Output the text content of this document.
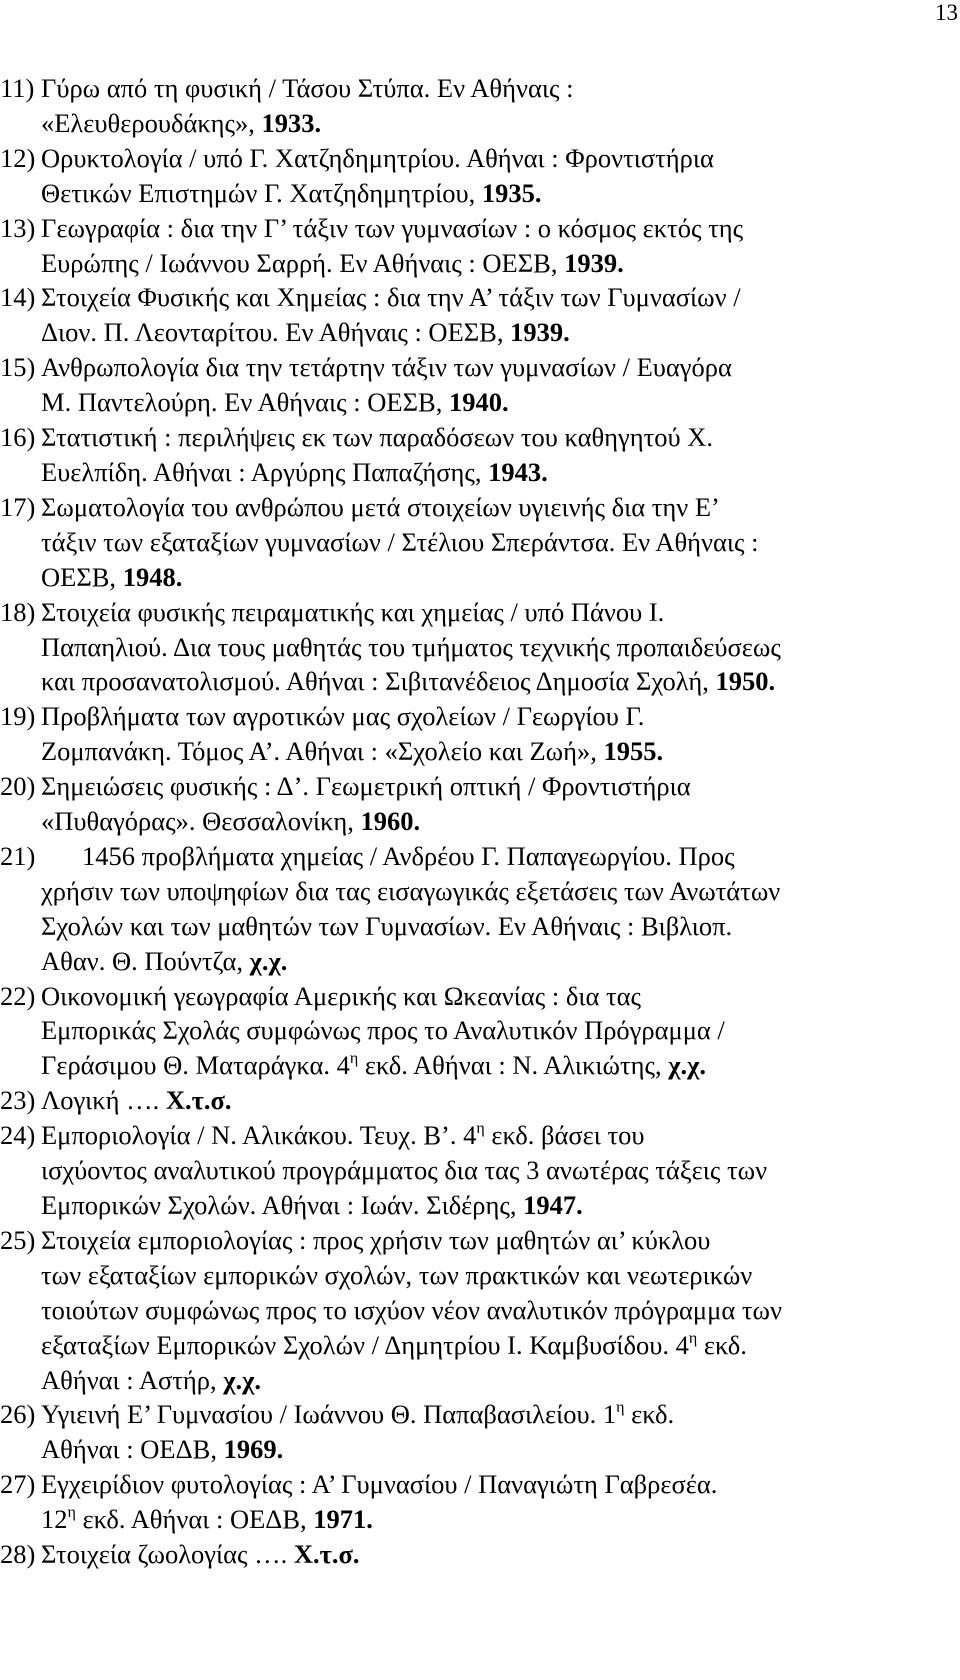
13
11) Γύρω από τη φυσική / Τάσου Στύπα. Εν Αθήναις :
«Ελευθερουδάκης», 1933.
12) Ορυκτολογία / υπό Γ. Χατζηδημητρίου. Αθήναι : Φροντιστήρια
Θετικών Επιστημών Γ. Χατζηδημητρίου, 1935.
13) Γεωγραφία : δια την Γ’ τάξιν των γυμνασίων : ο κόσμος εκτός της
Ευρώπης / Ιωάννου Σαρρή. Εν Αθήναις : ΟΕΣΒ, 1939.
14) Στοιχεία Φυσικής και Χημείας : δια την Α’ τάξιν των Γυμνασίων /
Διον. Π. Λεονταρίτου. Εν Αθήναις : ΟΕΣΒ, 1939.
15) Ανθρωπολογία δια την τετάρτην τάξιν των γυμνασίων / Ευαγόρα
Μ. Παντελούρη. Εν Αθήναις : ΟΕΣΒ, 1940.
16) Στατιστική : περιλήψεις εκ των παραδόσεων του καθηγητού Χ.
Ευελπίδη. Αθήναι : Αργύρης Παπαζήσης, 1943.
17) Σωματολογία του ανθρώπου μετά στοιχείων υγιεινής δια την Ε’
τάξιν των εξαταξίων γυμνασίων / Στέλιου Σπεράντσα. Εν Αθήναις :
ΟΕΣΒ, 1948.
18) Στοιχεία φυσικής πειραματικής και χημείας / υπό Πάνου Ι.
Παπαηλιού. Δια τους μαθητάς του τμήματος τεχνικής προπαιδεύσεως
και προσανατολισμού. Αθήναι : Σιβιτανέδειος Δημοσία Σχολή, 1950.
19) Προβλήματα των αγροτικών μας σχολείων / Γεωργίου Γ.
Ζομπανάκη. Τόμος Α’. Αθήναι : «Σχολείο και Ζωή», 1955.
20) Σημειώσεις φυσικής : Δ’. Γεωμετρική οπτική / Φροντιστήρια
«Πυθαγόρας». Θεσσαλονίκη, 1960.
21)	1456 προβλήματα χημείας / Ανδρέου Γ. Παπαγεωργίου. Προς
χρήσιν των υποψηφίων δια τας εισαγωγικάς εξετάσεις των Ανωτάτων
Σχολών και των μαθητών των Γυμνασίων. Εν Αθήναις : Βιβλιοπ.
Αθαν. Θ. Πούντζα, χ.χ.
22) Οικονομική γεωγραφία Αμερικής και Ωκεανίας : δια τας
Εμπορικάς Σχολάς συμφώνως προς το Αναλυτικόν Πρόγραμμα /
Γεράσιμου Θ. Ματαράγκα. $4^\eta$ εκδ. Αθήναι : Ν. Αλικιώτης, χ.χ.
23) Λογική …. Χ.τ.σ.
24) Εμποριολογία / Ν. Αλικάκου. Τευχ. Β’. $4^\eta$ εκδ. βάσει του
ισχύοντος αναλυτικού προγράμματος δια τας 3 ανωτέρας τάξεις των
Εμπορικών Σχολών. Αθήναι : Ιωάν. Σιδέρης, 1947.
25) Στοιχεία εμποριολογίας : προς χρήσιν των μαθητών αι’ κύκλου
των εξαταξίων εμπορικών σχολών, των πρακτικών και νεωτερικών
τοιούτων συμφώνως προς το ισχύον νέον αναλυτικόν πρόγραμμα των
εξαταξίων Εμπορικών Σχολών / Δημητρίου Ι. Καμβυσίδου. $4^\eta$ εκδ.
Αθήναι : Αστήρ, χ.χ.
26) Υγιεινή Ε’ Γυμνασίου / Ιωάννου Θ. Παπαβασιλείου. $1^\eta$ εκδ.
Αθήναι : ΟΕΔΒ, 1969.
27) Εγχειρίδιον φυτολογίας : Α’ Γυμνασίου / Παναγιώτη Γαβρεσέα.
$12^\eta$ εκδ. Αθήναι : ΟΕΔΒ, 1971.
28) Στοιχεία ζωολογίας …. Χ.τ.σ.
